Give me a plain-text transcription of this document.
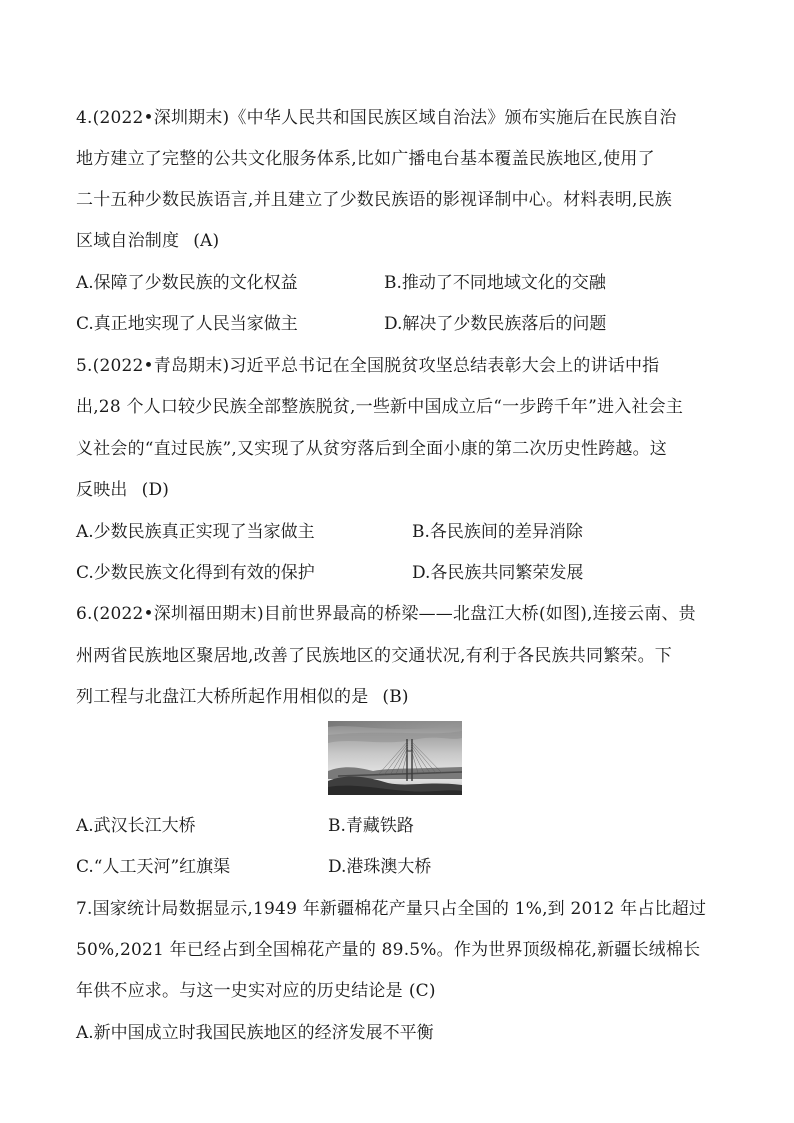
4.(2022•深圳期末)《中华人民共和国民族区域自治法》颁布实施后在民族自治
地方建立了完整的公共文化服务体系,比如广播电台基本覆盖民族地区,使用了
二十五种少数民族语言,并且建立了少数民族语的影视译制中心。材料表明,民族
区域自治制度 (A)
A.保障了少数民族的文化权益	B.推动了不同地域文化的交融
C.真正地实现了人民当家做主	D.解决了少数民族落后的问题
5.(2022•青岛期末)习近平总书记在全国脱贫攻坚总结表彰大会上的讲话中指
出,28 个人口较少民族全部整族脱贫,一些新中国成立后“一步跨千年”进入社会主
义社会的“直过民族”,又实现了从贫穷落后到全面小康的第二次历史性跨越。这
反映出 (D)
A.少数民族真正实现了当家做主	B.各民族间的差异消除
C.少数民族文化得到有效的保护	D.各民族共同繁荣发展
6.(2022•深圳福田期末)目前世界最高的桥梁——北盘江大桥(如图),连接云南、贵
州两省民族地区聚居地,改善了民族地区的交通状况,有利于各民族共同繁荣。下
列工程与北盘江大桥所起作用相似的是 (B)
A.武汉长江大桥	B.青藏铁路
C.“人工天河”红旗渠	D.港珠澳大桥
7.国家统计局数据显示,1949 年新疆棉花产量只占全国的 1%,到 2012 年占比超过
50%,2021 年已经占到全国棉花产量的 89.5%。作为世界顶级棉花,新疆长绒棉长
年供不应求。与这一史实对应的历史结论是 (C)
A.新中国成立时我国民族地区的经济发展不平衡
